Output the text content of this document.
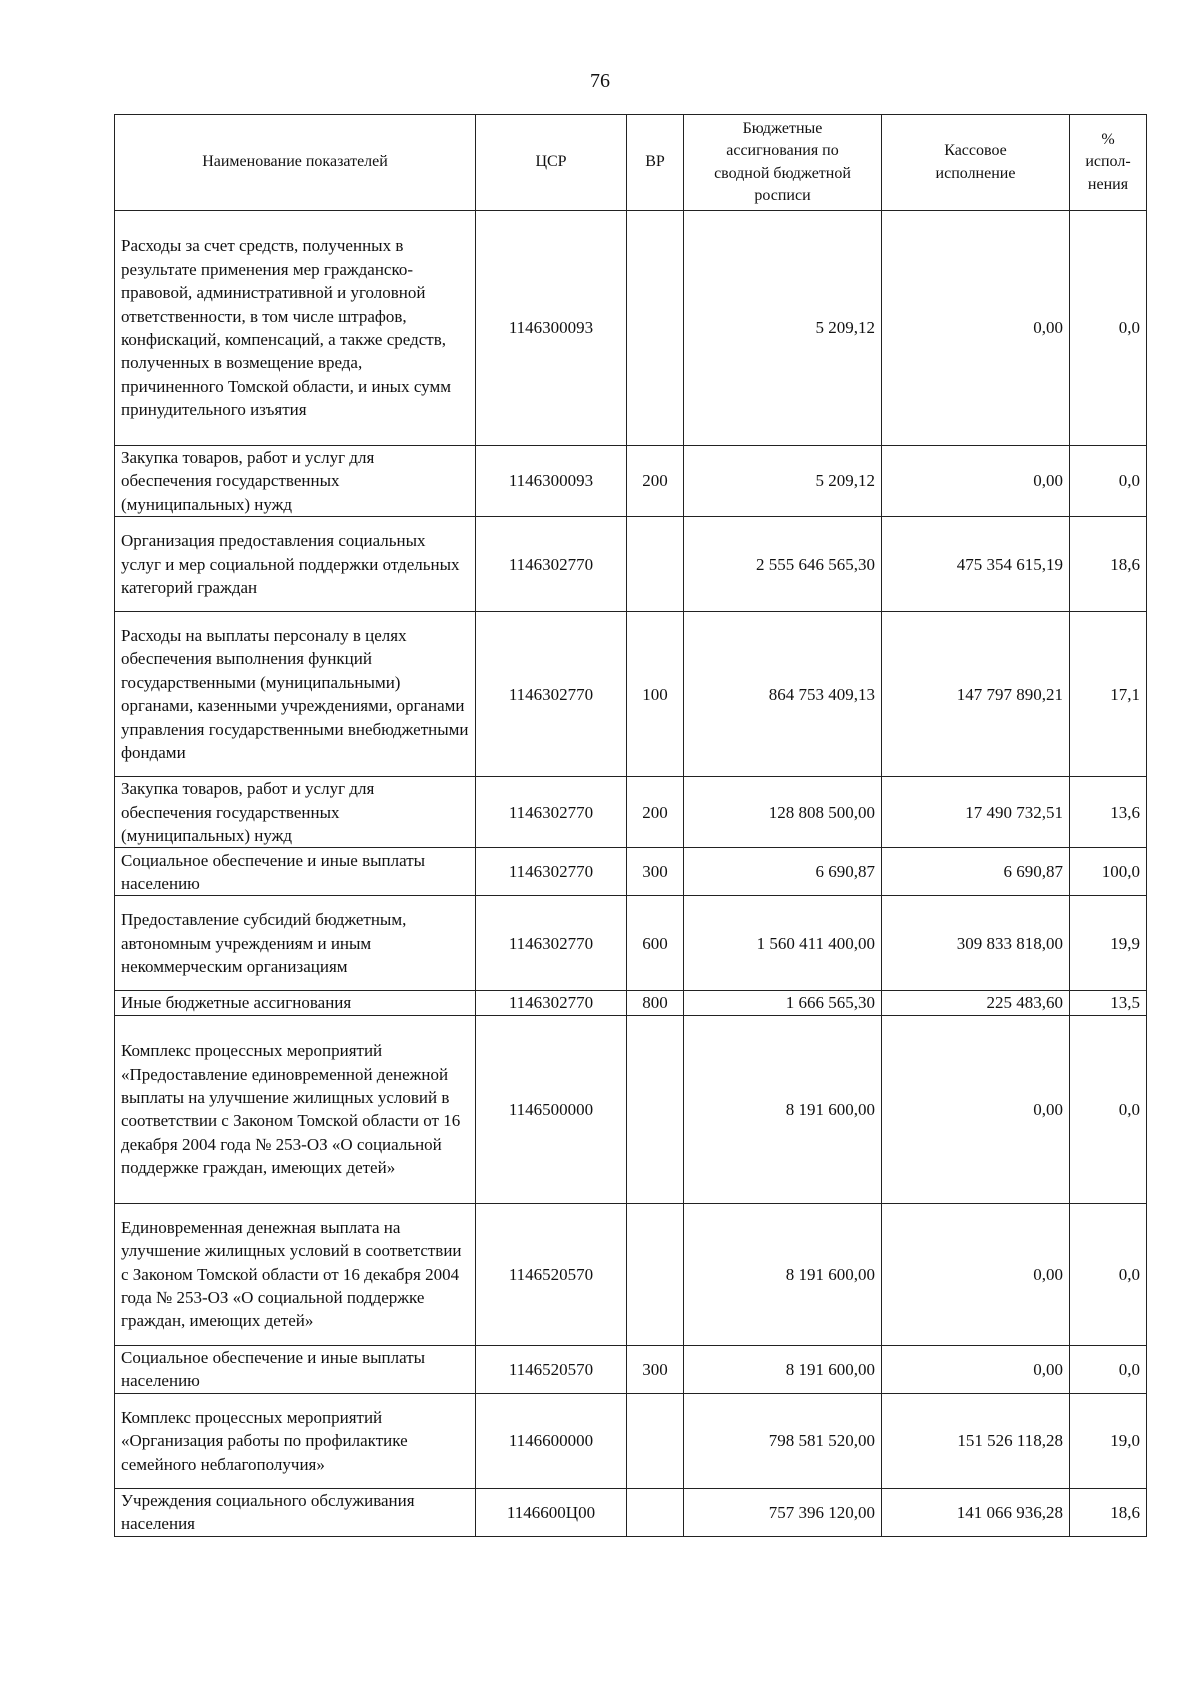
76
Наименование показателей	ЦСР	ВР	Бюджетные ассигнования по сводной бюджетной росписи	Кассовое исполнение	% испол-нения
Расходы за счет средств, полученных в результате применения мер гражданско-правовой, административной и уголовной ответственности, в том числе штрафов, конфискаций, компенсаций, а также средств, полученных в возмещение вреда, причиненного Томской области, и иных сумм принудительного изъятия	1146300093		5 209,12	0,00	0,0
Закупка товаров, работ и услуг для обеспечения государственных (муниципальных) нужд	1146300093	200	5 209,12	0,00	0,0
Организация предоставления социальных услуг и мер социальной поддержки отдельных категорий граждан	1146302770		2 555 646 565,30	475 354 615,19	18,6
Расходы на выплаты персоналу в целях обеспечения выполнения функций государственными (муниципальными) органами, казенными учреждениями, органами управления государственными внебюджетными фондами	1146302770	100	864 753 409,13	147 797 890,21	17,1
Закупка товаров, работ и услуг для обеспечения государственных (муниципальных) нужд	1146302770	200	128 808 500,00	17 490 732,51	13,6
Социальное обеспечение и иные выплаты населению	1146302770	300	6 690,87	6 690,87	100,0
Предоставление субсидий бюджетным, автономным учреждениям и иным некоммерческим организациям	1146302770	600	1 560 411 400,00	309 833 818,00	19,9
Иные бюджетные ассигнования	1146302770	800	1 666 565,30	225 483,60	13,5
Комплекс процессных мероприятий «Предоставление единовременной денежной выплаты на улучшение жилищных условий в соответствии с Законом Томской области от 16 декабря 2004 года № 253-ОЗ «О социальной поддержке граждан, имеющих детей»	1146500000		8 191 600,00	0,00	0,0
Единовременная денежная выплата на улучшение жилищных условий в соответствии с Законом Томской области от 16 декабря 2004 года № 253-ОЗ «О социальной поддержке граждан, имеющих детей»	1146520570		8 191 600,00	0,00	0,0
Социальное обеспечение и иные выплаты населению	1146520570	300	8 191 600,00	0,00	0,0
Комплекс процессных мероприятий «Организация работы по профилактике семейного неблагополучия»	1146600000		798 581 520,00	151 526 118,28	19,0
Учреждения социального обслуживания населения	1146600Ц00		757 396 120,00	141 066 936,28	18,6
